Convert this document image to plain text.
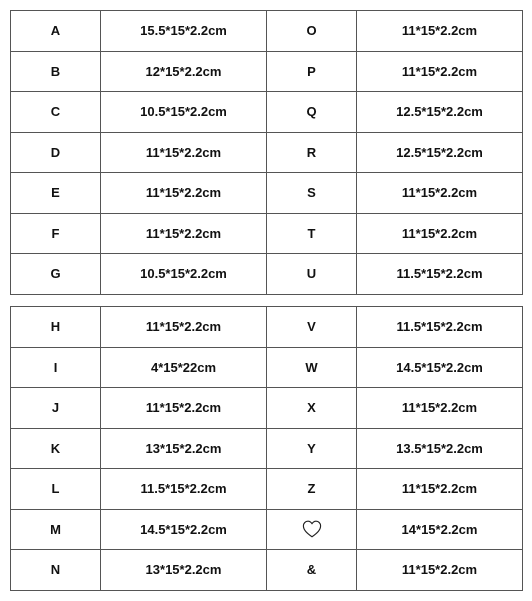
A	15.5*15*2.2cm	O	11*15*2.2cm
B	12*15*2.2cm	P	11*15*2.2cm
C	10.5*15*2.2cm	Q	12.5*15*2.2cm
D	11*15*2.2cm	R	12.5*15*2.2cm
E	11*15*2.2cm	S	11*15*2.2cm
F	11*15*2.2cm	T	11*15*2.2cm
G	10.5*15*2.2cm	U	11.5*15*2.2cm
H	11*15*2.2cm	V	11.5*15*2.2cm
I	4*15*22cm	W	14.5*15*2.2cm
J	11*15*2.2cm	X	11*15*2.2cm
K	13*15*2.2cm	Y	13.5*15*2.2cm
L	11.5*15*2.2cm	Z	11*15*2.2cm
M	14.5*15*2.2cm		14*15*2.2cm
N	13*15*2.2cm	&	11*15*2.2cm
